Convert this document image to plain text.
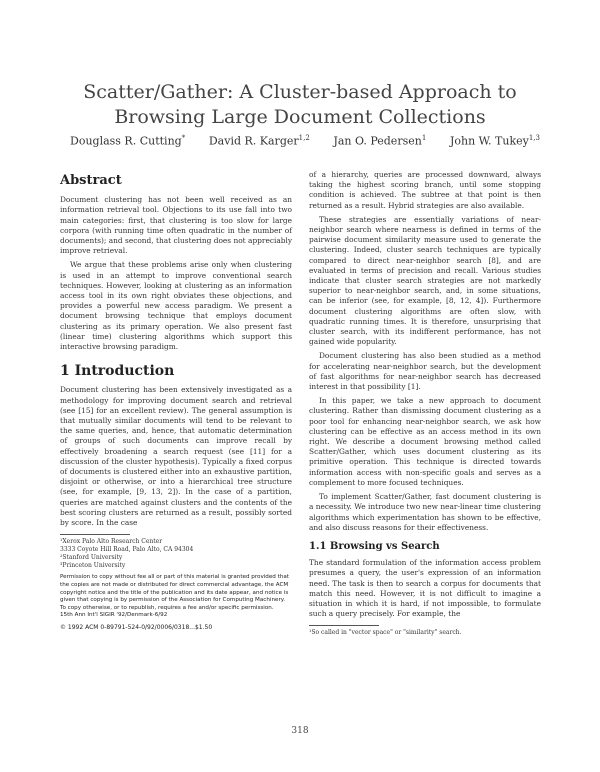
Scatter/Gather: A Cluster-based Approach to
Browsing Large Document Collections
Douglass R. Cutting* David R. Karger$^{1,2}$ Jan O. Pedersen$^1$ John W. Tukey$^{1,3}$
Abstract

Document clustering has not been well received as an information retrieval tool. Objections to its use fall into two main categories: first, that clustering is too slow for large corpora (with running time often quadratic in the number of documents); and second, that clustering does not appreciably improve retrieval.

We argue that these problems arise only when clustering is used in an attempt to improve conventional search techniques. However, looking at clustering as an information access tool in its own right obviates these objections, and provides a powerful new access paradigm. We present a document browsing technique that employs document clustering as its primary operation. We also present fast (linear time) clustering algorithms which support this interactive browsing paradigm.

1 Introduction

Document clustering has been extensively investigated as a methodology for improving document search and retrieval (see [15] for an excellent review). The general assumption is that mutually similar documents will tend to be relevant to the same queries, and, hence, that automatic determination of groups of such documents can improve recall by effectively broadening a search request (see [11] for a discussion of the cluster hypothesis). Typically a fixed corpus of documents is clustered either into an exhaustive partition, disjoint or otherwise, or into a hierarchical tree structure (see, for example, [9, 13, 2]). In the case of a partition, queries are matched against clusters and the contents of the best scoring clusters are returned as a result, possibly sorted by score. In the case

¹Xerox Palo Alto Research Center
3333 Coyote Hill Road, Palo Alto, CA 94304
²Stanford University
³Princeton University
Permission to copy without fee all or part of this material is granted provided that the copies are not made or distributed for direct commercial advantage, the ACM copyright notice and the title of the publication and its date appear, and notice is given that copying is by permission of the Association for Computing Machinery. To copy otherwise, or to republish, requires a fee and/or specific permission.
15th Ann Int'l SIGIR '92/Denmark-6/92
© 1992 ACM 0-89791-524-0/92/0006/0318...$1.50

of a hierarchy, queries are processed downward, always taking the highest scoring branch, until some stopping condition is achieved. The subtree at that point is then returned as a result. Hybrid strategies are also available.

These strategies are essentially variations of near-neighbor search where nearness is defined in terms of the pairwise document similarity measure used to generate the clustering. Indeed, cluster search techniques are typically compared to direct near-neighbor search [8], and are evaluated in terms of precision and recall. Various studies indicate that cluster search strategies are not markedly superior to near-neighbor search, and, in some situations, can be inferior (see, for example, [8, 12, 4]). Furthermore document clustering algorithms are often slow, with quadratic running times. It is therefore, unsurprising that cluster search, with its indifferent performance, has not gained wide popularity.

Document clustering has also been studied as a method for accelerating near-neighbor search, but the development of fast algorithms for near-neighbor search has decreased interest in that possibility [1].

In this paper, we take a new approach to document clustering. Rather than dismissing document clustering as a poor tool for enhancing near-neighbor search, we ask how clustering can be effective as an access method in its own right. We describe a document browsing method called Scatter/Gather, which uses document clustering as its primitive operation. This technique is directed towards information access with non-specific goals and serves as a complement to more focused techniques.

To implement Scatter/Gather, fast document clustering is a necessity. We introduce two new near-linear time clustering algorithms which experimentation has shown to be effective, and also discuss reasons for their effectiveness.

1.1 Browsing vs Search

The standard formulation of the information access problem presumes a query, the user's expression of an information need. The task is then to search a corpus for documents that match this need. However, it is not difficult to imagine a situation in which it is hard, if not impossible, to formulate such a query precisely. For example, the

¹So called in "vector space" or "similarity" search.
318
